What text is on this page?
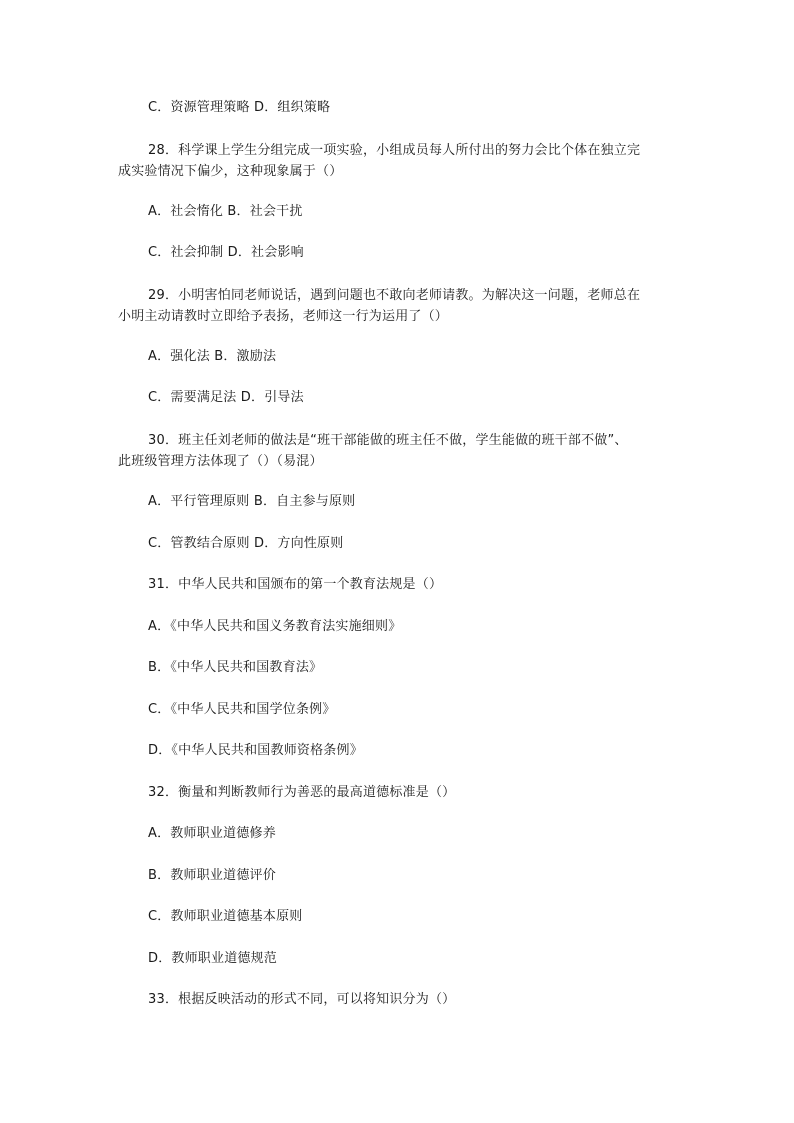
C．资源管理策略 D．组织策略
28．科学课上学生分组完成一项实验，小组成员每人所付出的努力会比个体在独立完
成实验情况下偏少，这种现象属于（）
A．社会惰化 B．社会干扰
C．社会抑制 D．社会影响
29．小明害怕同老师说话，遇到问题也不敢向老师请教。为解决这一问题，老师总在
小明主动请教时立即给予表扬，老师这一行为运用了（）
A．强化法 B．激励法
C．需要满足法 D．引导法
30．班主任刘老师的做法是“班干部能做的班主任不做，学生能做的班干部不做”、
此班级管理方法体现了（）（易混）
A．平行管理原则 B．自主参与原则
C．管教结合原则 D．方向性原则
31．中华人民共和国颁布的第一个教育法规是（）
A．《中华人民共和国义务教育法实施细则》
B．《中华人民共和国教育法》
C．《中华人民共和国学位条例》
D．《中华人民共和国教师资格条例》
32．衡量和判断教师行为善恶的最高道德标准是（）
A．教师职业道德修养
B．教师职业道德评价
C．教师职业道德基本原则
D．教师职业道德规范
33．根据反映活动的形式不同，可以将知识分为（）
